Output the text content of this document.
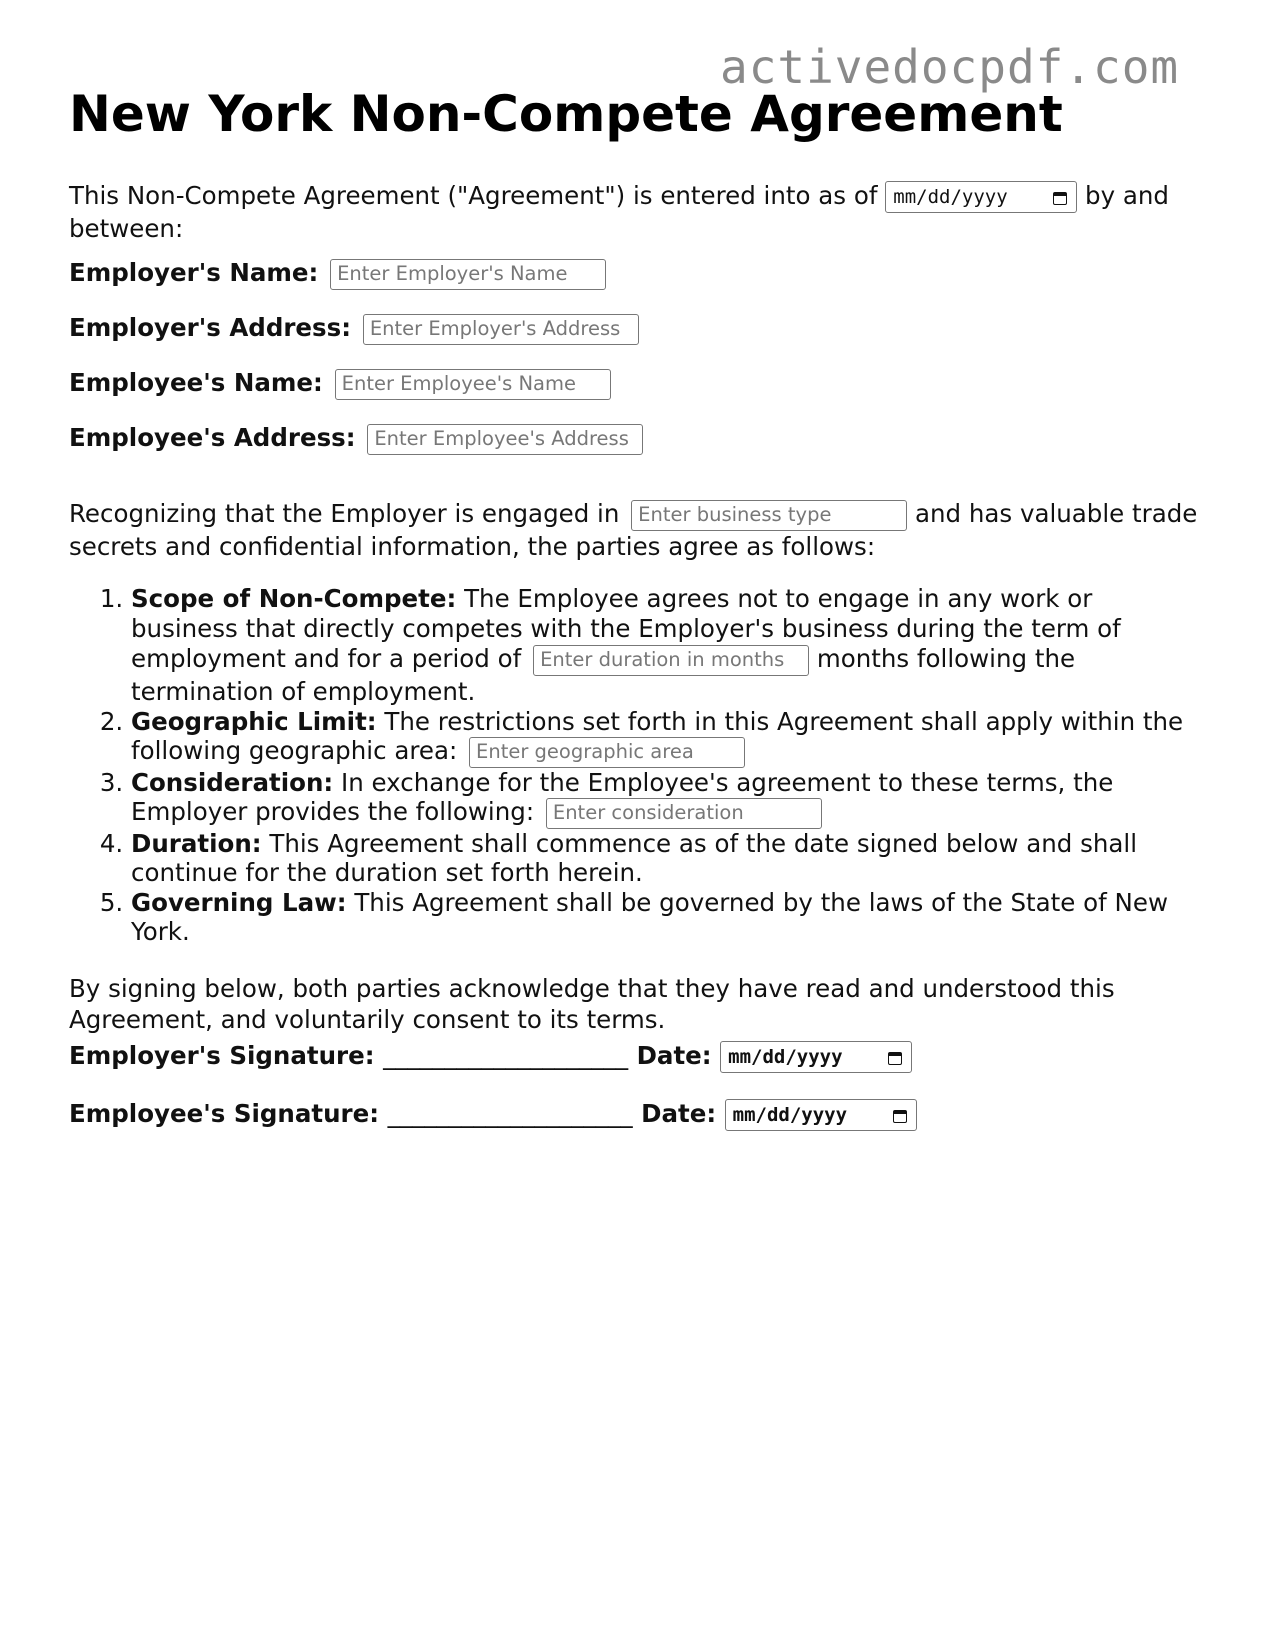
activedocpdf.com
New York Non-Compete Agreement

This Non-Compete Agreement ("Agreement") is entered into as of mm/dd/yyyy	by and between:

Employer's Name: Enter Employer's Name
Employer's Address: Enter Employer's Address
Employee's Name: Enter Employee's Name
Employee's Address: Enter Employee's Address

Recognizing that the Employer is engaged in Enter business type	and has valuable trade secrets and confidential information, the parties agree as follows:

1. Scope of Non-Compete: The Employee agrees not to engage in any work or business that directly competes with the Employer's business during the term of employment and for a period of Enter duration in months months following the termination of employment.
2. Geographic Limit: The restrictions set forth in this Agreement shall apply within the following geographic area: Enter geographic area
3. Consideration: In exchange for the Employee's agreement to these terms, the Employer provides the following: Enter consideration
4. Duration: This Agreement shall commence as of the date signed below and shall continue for the duration set forth herein.
5. Governing Law: This Agreement shall be governed by the laws of the State of New York.

By signing below, both parties acknowledge that they have read and understood this Agreement, and voluntarily consent to its terms.

Employer's Signature: ____________________ Date: mm/dd/yyyy
Employee's Signature: ____________________ Date: mm/dd/yyyy
